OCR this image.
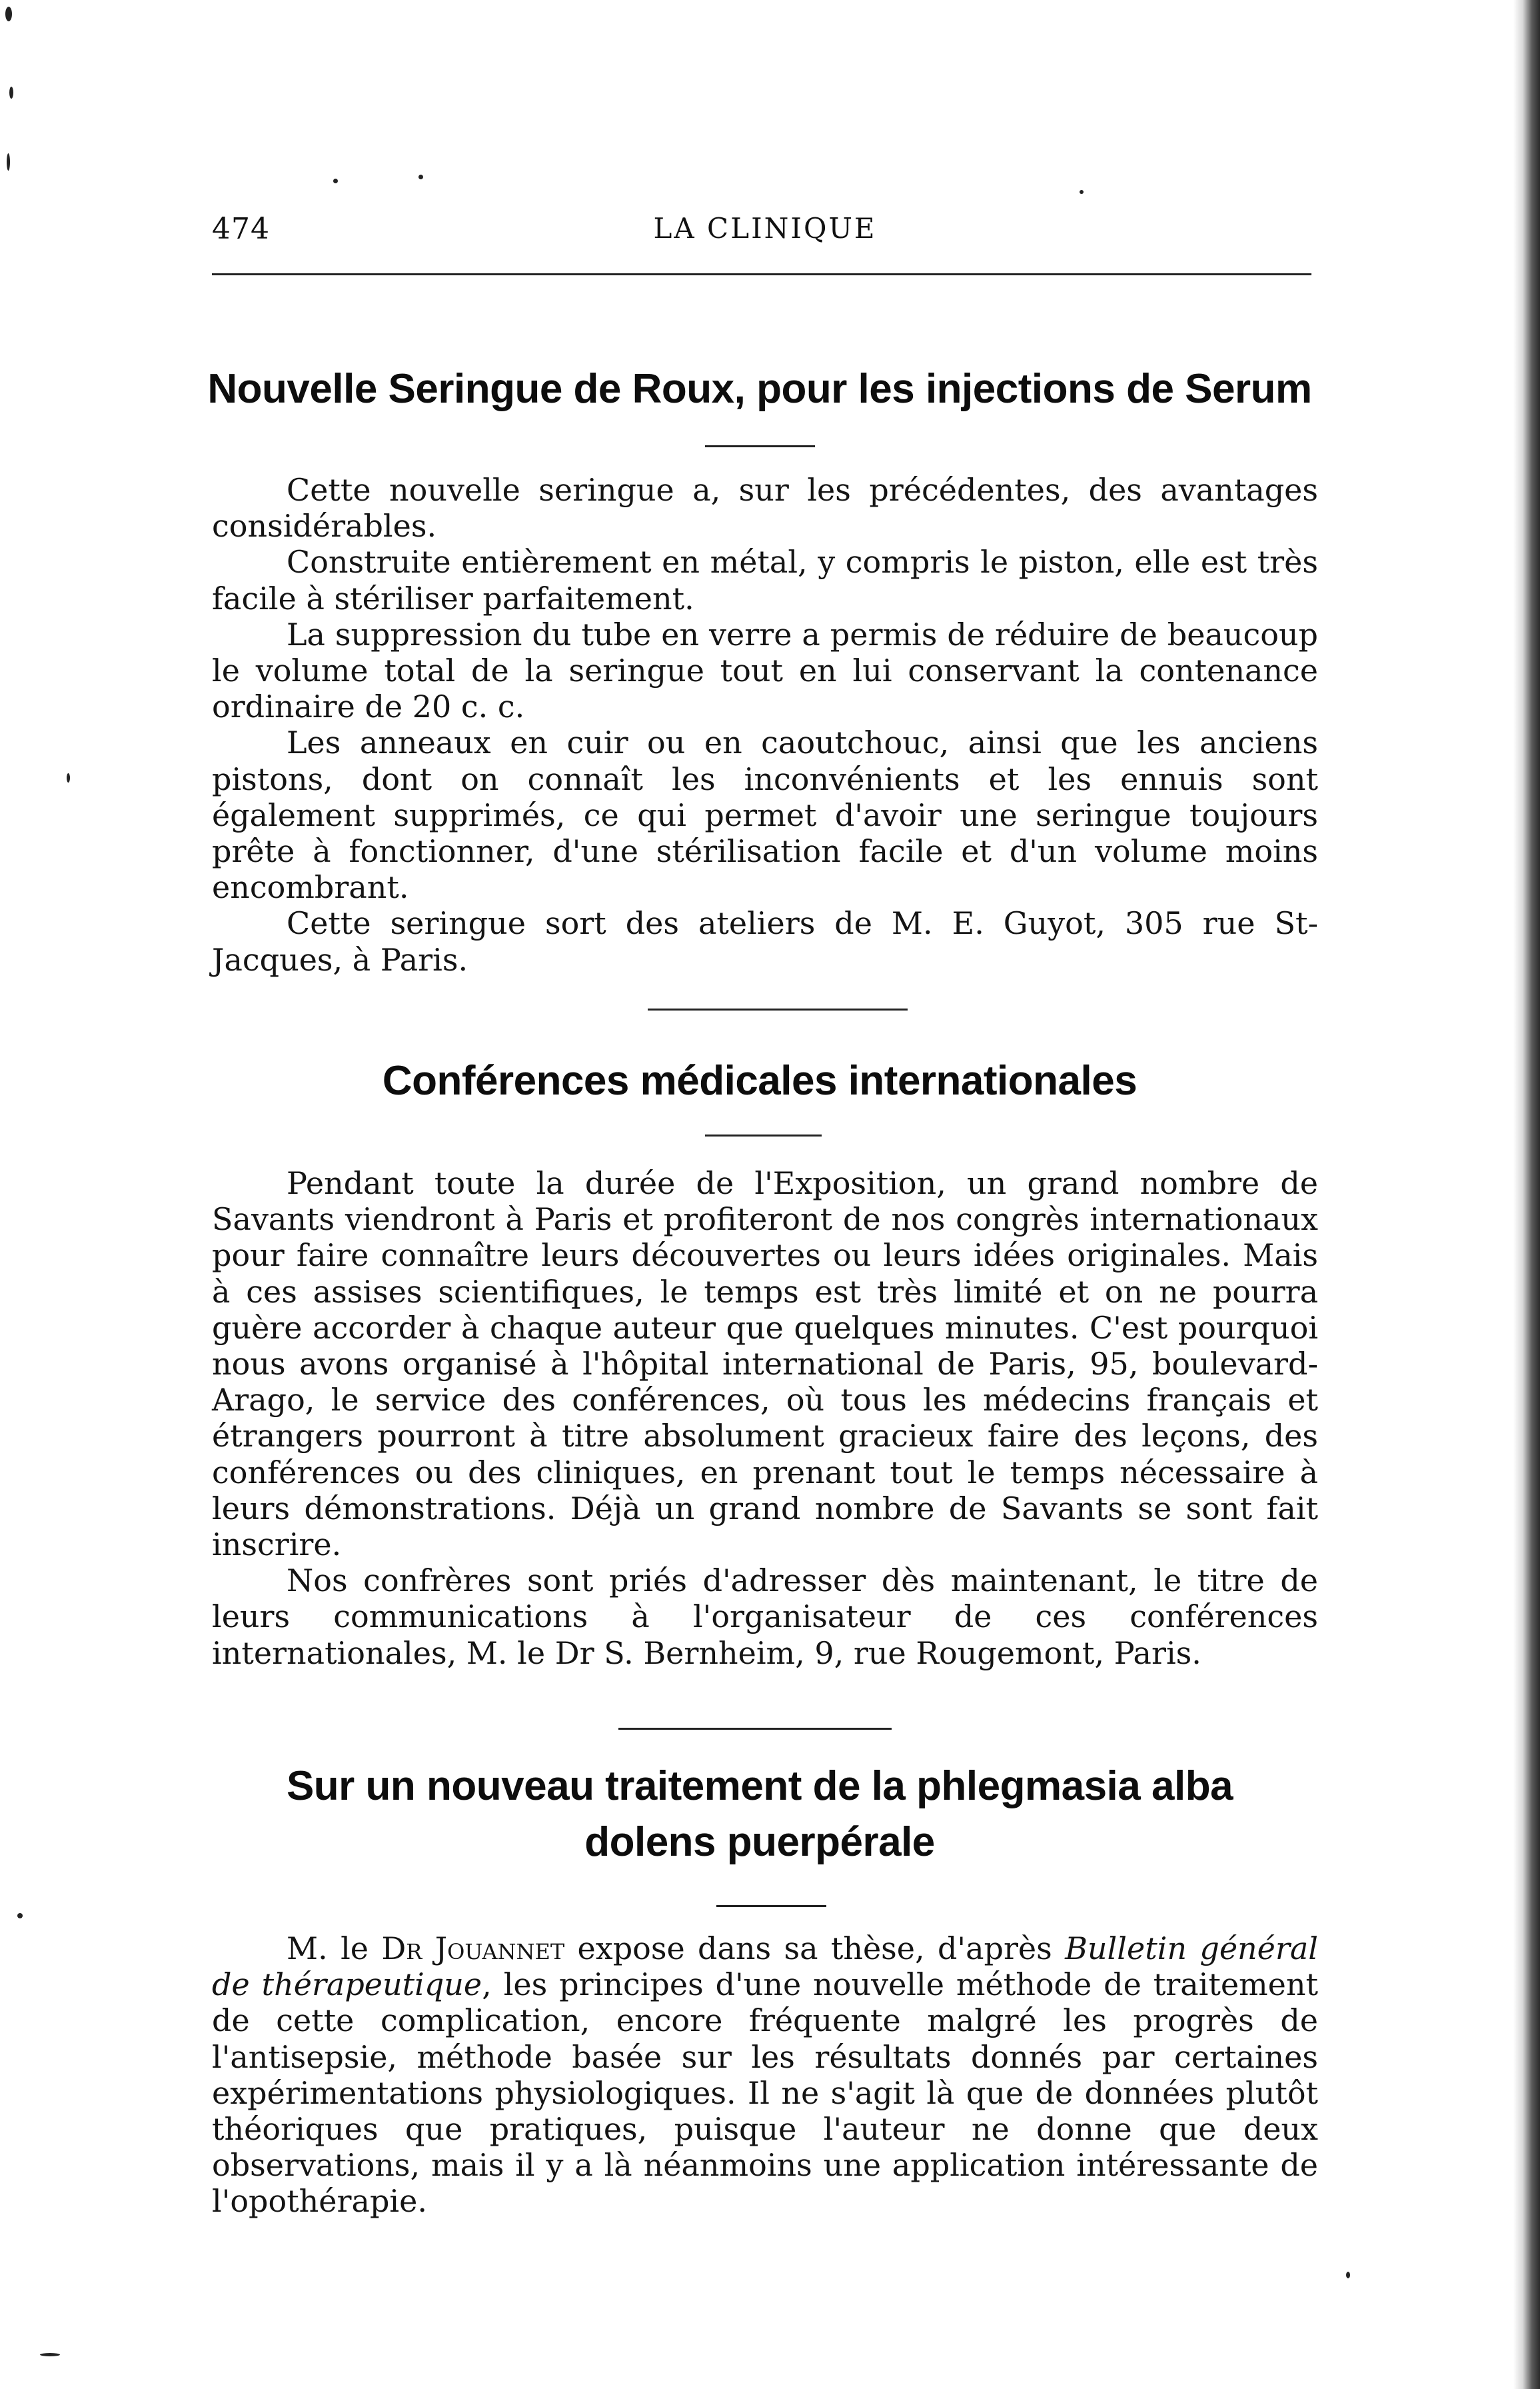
474	LA CLINIQUE
Nouvelle Seringue de Roux, pour les injections de Serum

Cette nouvelle seringue a, sur les précédentes, des avantages considérables.

Construite entièrement en métal, y compris le piston, elle est très facile à stériliser parfaitement.

La suppression du tube en verre a permis de réduire de beaucoup le volume total de la seringue tout en lui conservant la contenance ordinaire de 20 c. c.

Les anneaux en cuir ou en caoutchouc, ainsi que les anciens pistons, dont on connaît les inconvénients et les ennuis sont également supprimés, ce qui permet d'avoir une seringue toujours prête à fonctionner, d'une stérilisation facile et d'un volume moins encombrant.

Cette seringue sort des ateliers de M. E. Guyot, 305 rue St-Jacques, à Paris.

Conférences médicales internationales

Pendant toute la durée de l'Exposition, un grand nombre de Savants viendront à Paris et profiteront de nos congrès internationaux pour faire connaître leurs découvertes ou leurs idées originales. Mais à ces assises scientifiques, le temps est très limité et on ne pourra guère accorder à chaque auteur que quelques minutes. C'est pourquoi nous avons organisé à l'hôpital international de Paris, 95, boulevard-Arago, le service des conférences, où tous les médecins français et étrangers pourront à titre absolument gracieux faire des leçons, des conférences ou des cliniques, en prenant tout le temps nécessaire à leurs démonstrations. Déjà un grand nombre de Savants se sont fait inscrire.

Nos confrères sont priés d'adresser dès maintenant, le titre de leurs communications à l'organisateur de ces conférences internationales, M. le Dr S. Bernheim, 9, rue Rougemont, Paris.

Sur un nouveau traitement de la phlegmasia alba
dolens puerpérale

M. le Dr Jouannet expose dans sa thèse, d'après Bulletin général de thérapeutique, les principes d'une nouvelle méthode de traitement de cette complication, encore fréquente malgré les progrès de l'antisepsie, méthode basée sur les résultats donnés par certaines expérimentations physiologiques. Il ne s'agit là que de données plutôt théoriques que pratiques, puisque l'auteur ne donne que deux observations, mais il y a là néanmoins une application intéressante de l'opothérapie.
